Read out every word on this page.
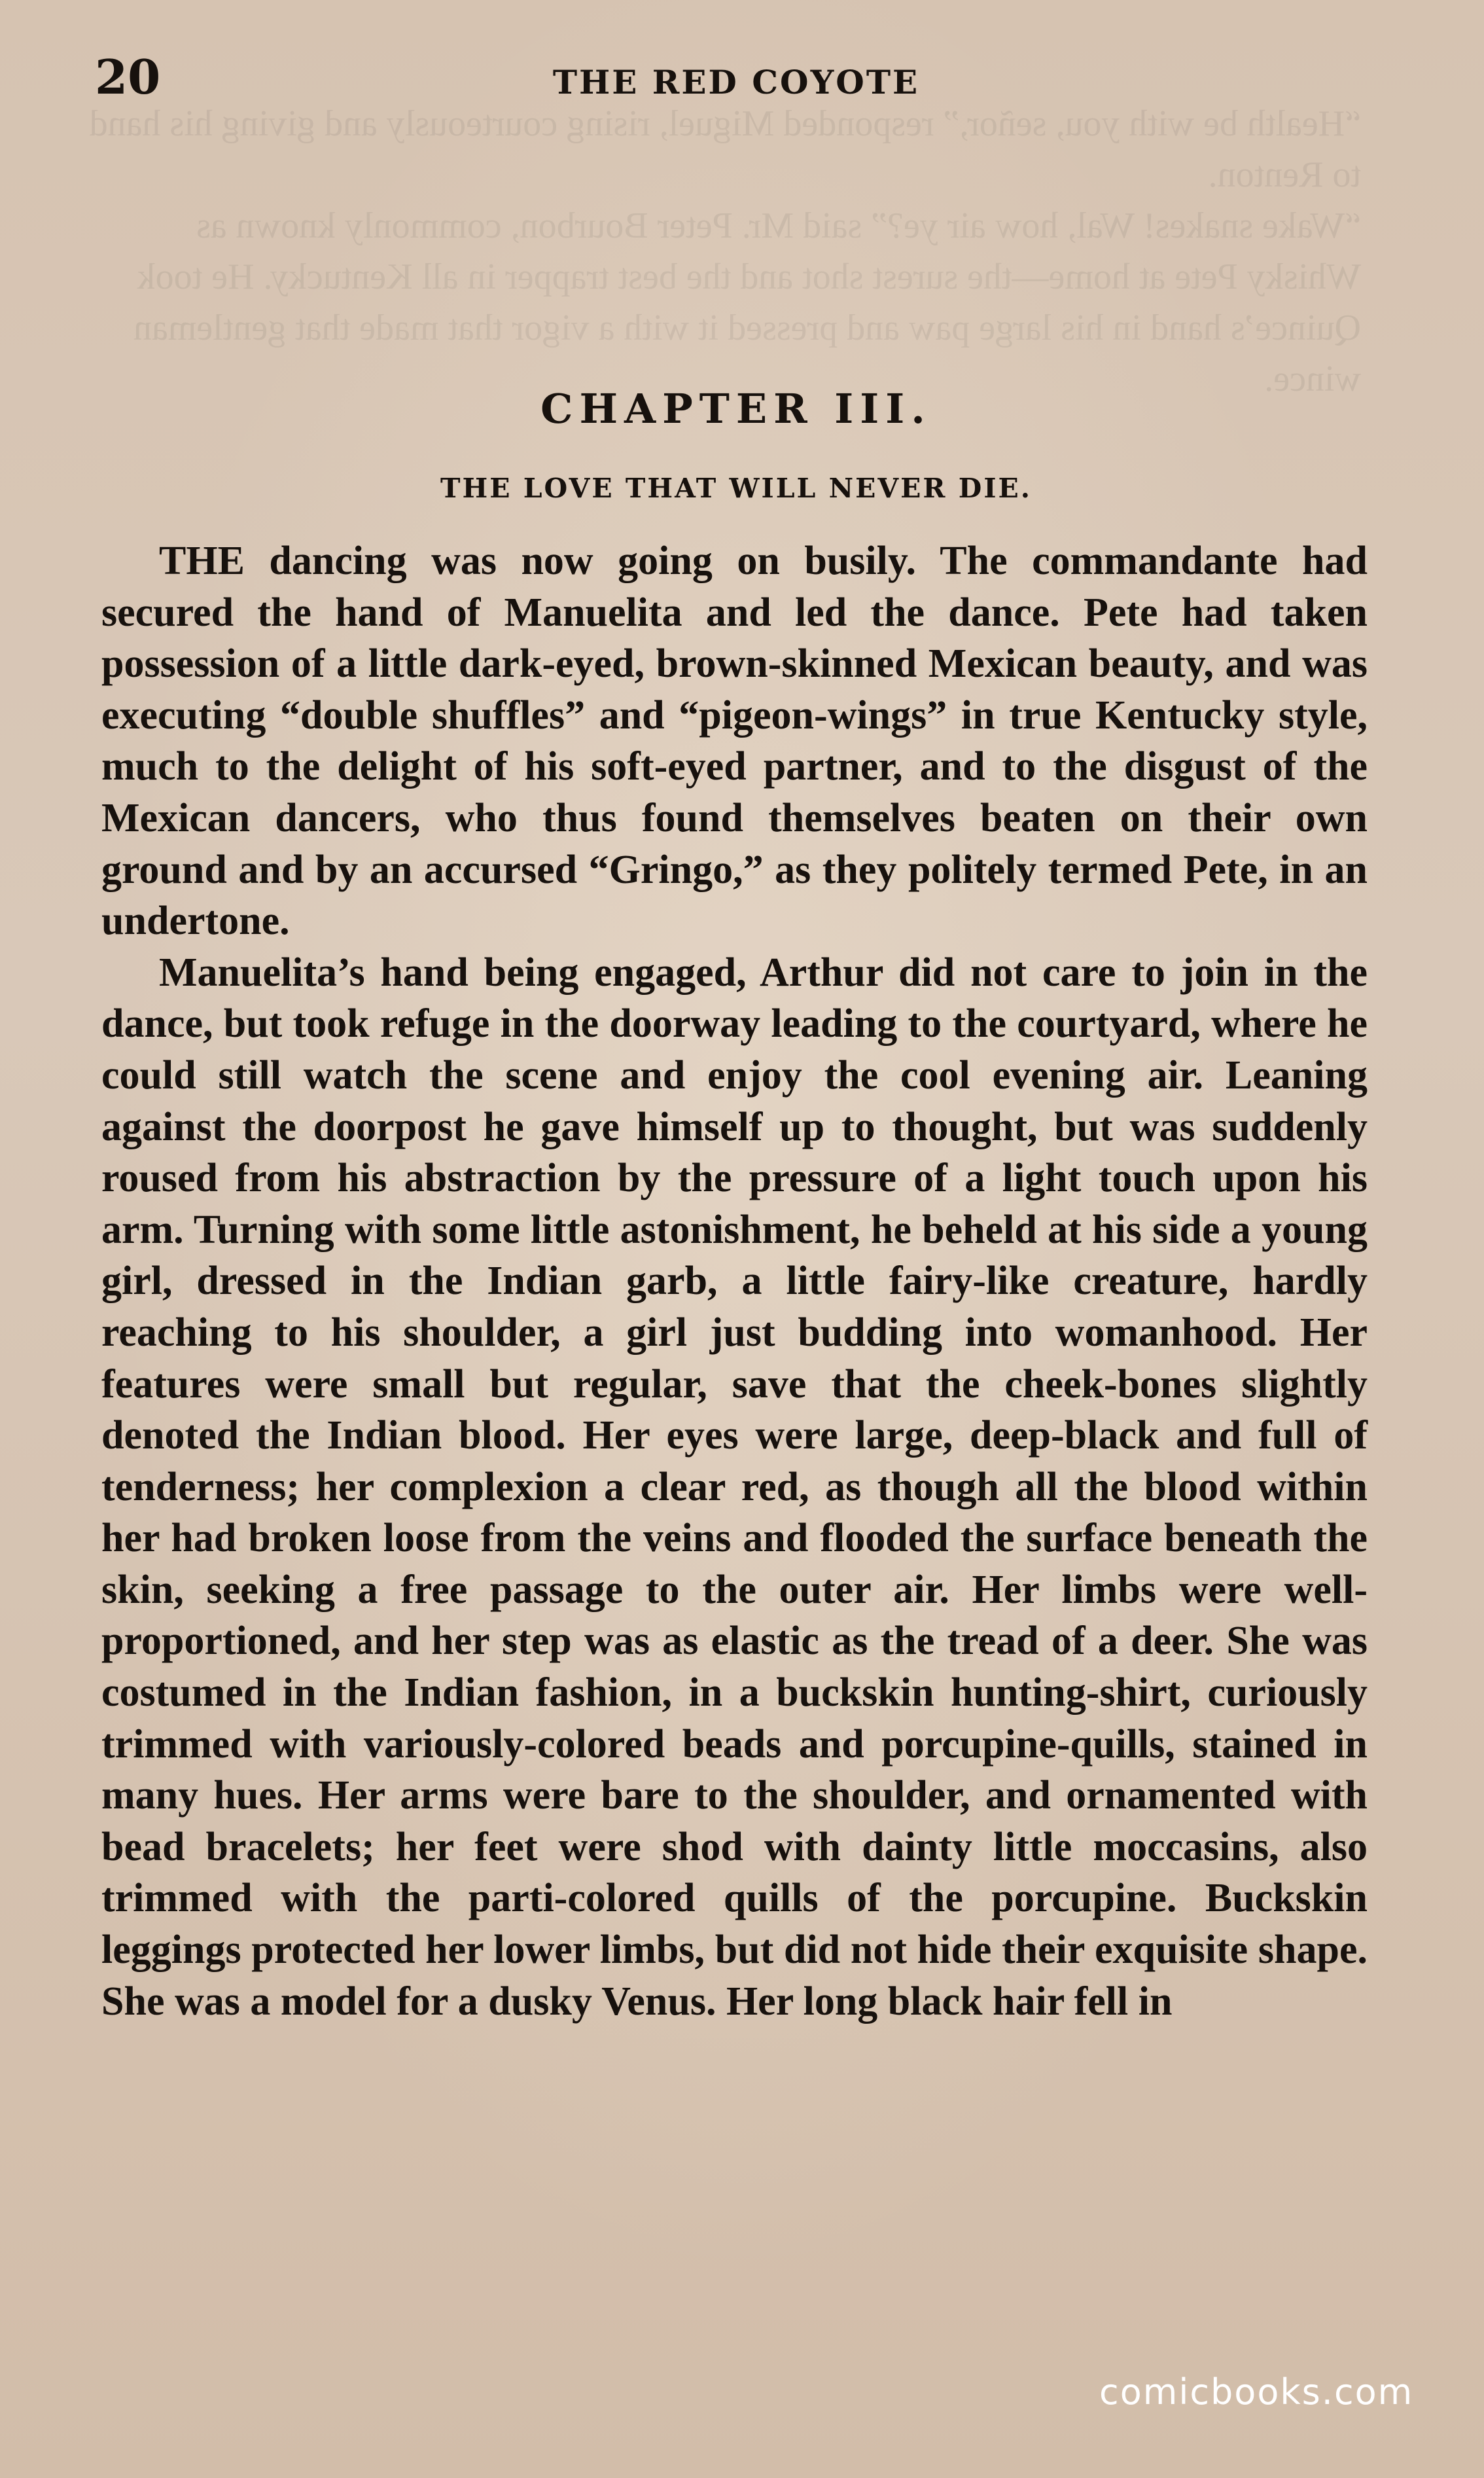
“Health be with you, señor,” responded Miguel, rising courteously and giving his hand to Renton.
“Wake snakes! Wal, how air ye?” said Mr. Peter Bourbon, commonly known as Whisky Pete at home—the surest shot and the best trapper in all Kentucky. He took Quince’s hand in his large paw and pressed it with a vigor that made that gentleman wince.
20	THE RED COYOTE
CHAPTER III.
THE LOVE THAT WILL NEVER DIE.

THE dancing was now going on busily. The commandante had secured the hand of Manuelita and led the dance. Pete had taken possession of a little dark-eyed, brown-skinned Mexican beauty, and was executing “double shuffles” and “pigeon-wings” in true Kentucky style, much to the delight of his soft-eyed partner, and to the disgust of the Mexican dancers, who thus found themselves beaten on their own ground and by an accursed “Gringo,” as they politely termed Pete, in an undertone.

Manuelita’s hand being engaged, Arthur did not care to join in the dance, but took refuge in the doorway leading to the courtyard, where he could still watch the scene and enjoy the cool evening air. Leaning against the doorpost he gave himself up to thought, but was suddenly roused from his abstraction by the pressure of a light touch upon his arm. Turning with some little astonishment, he beheld at his side a young girl, dressed in the Indian garb, a little fairy-like creature, hardly reaching to his shoulder, a girl just budding into womanhood. Her features were small but regular, save that the cheek-bones slightly denoted the Indian blood. Her eyes were large, deep-black and full of tenderness; her complexion a clear red, as though all the blood within her had broken loose from the veins and flooded the surface beneath the skin, seeking a free passage to the outer air. Her limbs were well-proportioned, and her step was as elastic as the tread of a deer. She was costumed in the Indian fashion, in a buckskin hunting-shirt, curiously trimmed with variously-colored beads and porcupine-quills, stained in many hues. Her arms were bare to the shoulder, and ornamented with bead bracelets; her feet were shod with dainty little moccasins, also trimmed with the parti-colored quills of the porcupine. Buckskin leggings protected her lower limbs, but did not hide their exquisite shape. She was a model for a dusky Venus. Her long black hair fell in

comicbooks.com
